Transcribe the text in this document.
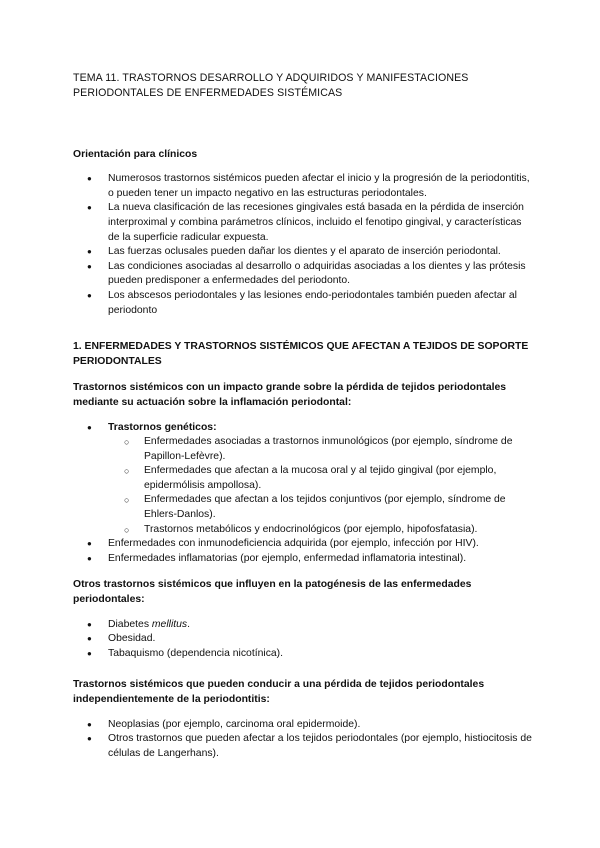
TEMA 11. TRASTORNOS DESARROLLO Y ADQUIRIDOS Y MANIFESTACIONES PERIODONTALES DE ENFERMEDADES SISTÉMICAS

Orientación para clínicos

● Numerosos trastornos sistémicos pueden afectar el inicio y la progresión de la periodontitis, o pueden tener un impacto negativo en las estructuras periodontales.
● La nueva clasificación de las recesiones gingivales está basada en la pérdida de inserción interproximal y combina parámetros clínicos, incluido el fenotipo gingival, y características de la superficie radicular expuesta.
● Las fuerzas oclusales pueden dañar los dientes y el aparato de inserción periodontal.
● Las condiciones asociadas al desarrollo o adquiridas asociadas a los dientes y las prótesis pueden predisponer a enfermedades del periodonto.
● Los abscesos periodontales y las lesiones endo-periodontales también pueden afectar al periodonto

1. ENFERMEDADES Y TRASTORNOS SISTÉMICOS QUE AFECTAN A TEJIDOS DE SOPORTE PERIODONTALES

Trastornos sistémicos con un impacto grande sobre la pérdida de tejidos periodontales mediante su actuación sobre la inflamación periodontal:

● Trastornos genéticos:
○ Enfermedades asociadas a trastornos inmunológicos (por ejemplo, síndrome de Papillon-Lefèvre).
○ Enfermedades que afectan a la mucosa oral y al tejido gingival (por ejemplo, epidermólisis ampollosa).
○ Enfermedades que afectan a los tejidos conjuntivos (por ejemplo, síndrome de Ehlers-Danlos).
○ Trastornos metabólicos y endocrinológicos (por ejemplo, hipofosfatasia).
● Enfermedades con inmunodeficiencia adquirida (por ejemplo, infección por HIV).
● Enfermedades inflamatorias (por ejemplo, enfermedad inflamatoria intestinal).

Otros trastornos sistémicos que influyen en la patogénesis de las enfermedades periodontales:

● Diabetes mellitus.
● Obesidad.
● Tabaquismo (dependencia nicotínica).

Trastornos sistémicos que pueden conducir a una pérdida de tejidos periodontales independientemente de la periodontitis:

● Neoplasias (por ejemplo, carcinoma oral epidermoide).
● Otros trastornos que pueden afectar a los tejidos periodontales (por ejemplo, histiocitosis de células de Langerhans).
